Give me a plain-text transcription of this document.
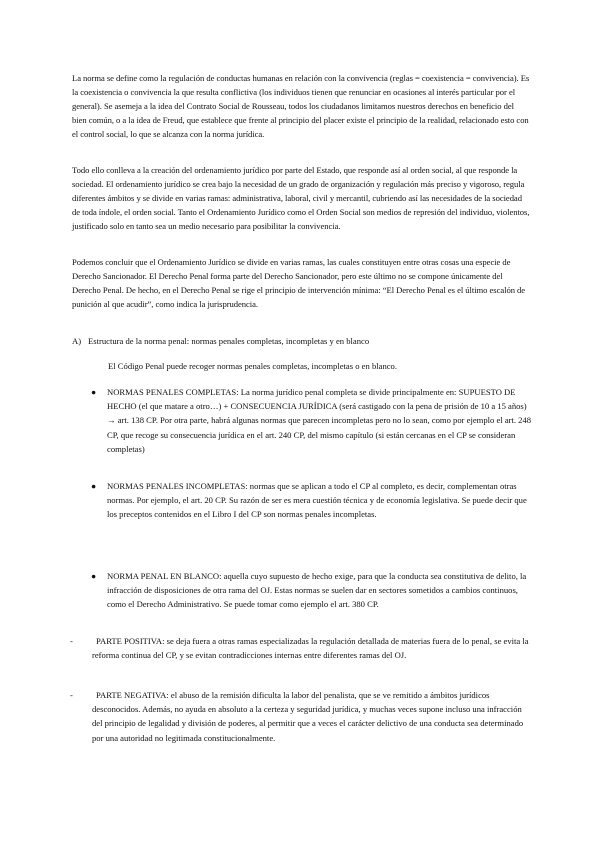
La norma se define como la regulación de conductas humanas en relación con la convivencia (reglas = coexistencia = convivencia). Es la coexistencia o convivencia la que resulta conflictiva (los individuos tienen que renunciar en ocasiones al interés particular por el general). Se asemeja a la idea del Contrato Social de Rousseau, todos los ciudadanos limitamos nuestros derechos en beneficio del bien común, o a la idea de Freud, que establece que frente al principio del placer existe el principio de la realidad, relacionado esto con el control social, lo que se alcanza con la norma jurídica.

Todo ello conlleva a la creación del ordenamiento jurídico por parte del Estado, que responde así al orden social, al que responde la sociedad. El ordenamiento jurídico se crea bajo la necesidad de un grado de organización y regulación más preciso y vigoroso, regula diferentes ámbitos y se divide en varias ramas: administrativa, laboral, civil y mercantil, cubriendo así las necesidades de la sociedad de toda índole, el orden social. Tanto el Ordenamiento Jurídico como el Orden Social son medios de represión del individuo, violentos, justificado solo en tanto sea un medio necesario para posibilitar la convivencia.

Podemos concluir que el Ordenamiento Jurídico se divide en varias ramas, las cuales constituyen entre otras cosas una especie de Derecho Sancionador. El Derecho Penal forma parte del Derecho Sancionador, pero este último no se compone únicamente del Derecho Penal. De hecho, en el Derecho Penal se rige el principio de intervención mínima: “El Derecho Penal es el último escalón de punición al que acudir”, como indica la jurisprudencia.

A) Estructura de la norma penal: normas penales completas, incompletas y en blanco
El Código Penal puede recoger normas penales completas, incompletas o en blanco.
● NORMAS PENALES COMPLETAS: La norma jurídico penal completa se divide principalmente en: SUPUESTO DE HECHO (el que matare a otro…) + CONSECUENCIA JURÍDICA (será castigado con la pena de prisión de 10 a 15 años) → art. 138 CP. Por otra parte, habrá algunas normas que parecen incompletas pero no lo sean, como por ejemplo el art. 248 CP, que recoge su consecuencia jurídica en el art. 240 CP, del mismo capítulo (si están cercanas en el CP se consideran completas)
● NORMAS PENALES INCOMPLETAS: normas que se aplican a todo el CP al completo, es decir, complementan otras normas. Por ejemplo, el art. 20 CP. Su razón de ser es mera cuestión técnica y de economía legislativa. Se puede decir que los preceptos contenidos en el Libro I del CP son normas penales incompletas.
● NORMA PENAL EN BLANCO: aquella cuyo supuesto de hecho exige, para que la conducta sea constitutiva de delito, la infracción de disposiciones de otra rama del OJ. Estas normas se suelen dar en sectores sometidos a cambios continuos, como el Derecho Administrativo. Se puede tomar como ejemplo el art. 380 CP.
-	PARTE POSITIVA: se deja fuera a otras ramas especializadas la regulación detallada de materias fuera de lo penal, se evita la reforma continua del CP, y se evitan contradicciones internas entre diferentes ramas del OJ.
-	PARTE NEGATIVA: el abuso de la remisión dificulta la labor del penalista, que se ve remitido a ámbitos jurídicos desconocidos. Además, no ayuda en absoluto a la certeza y seguridad jurídica, y muchas veces supone incluso una infracción del principio de legalidad y división de poderes, al permitir que a veces el carácter delictivo de una conducta sea determinado por una autoridad no legitimada constitucionalmente.
